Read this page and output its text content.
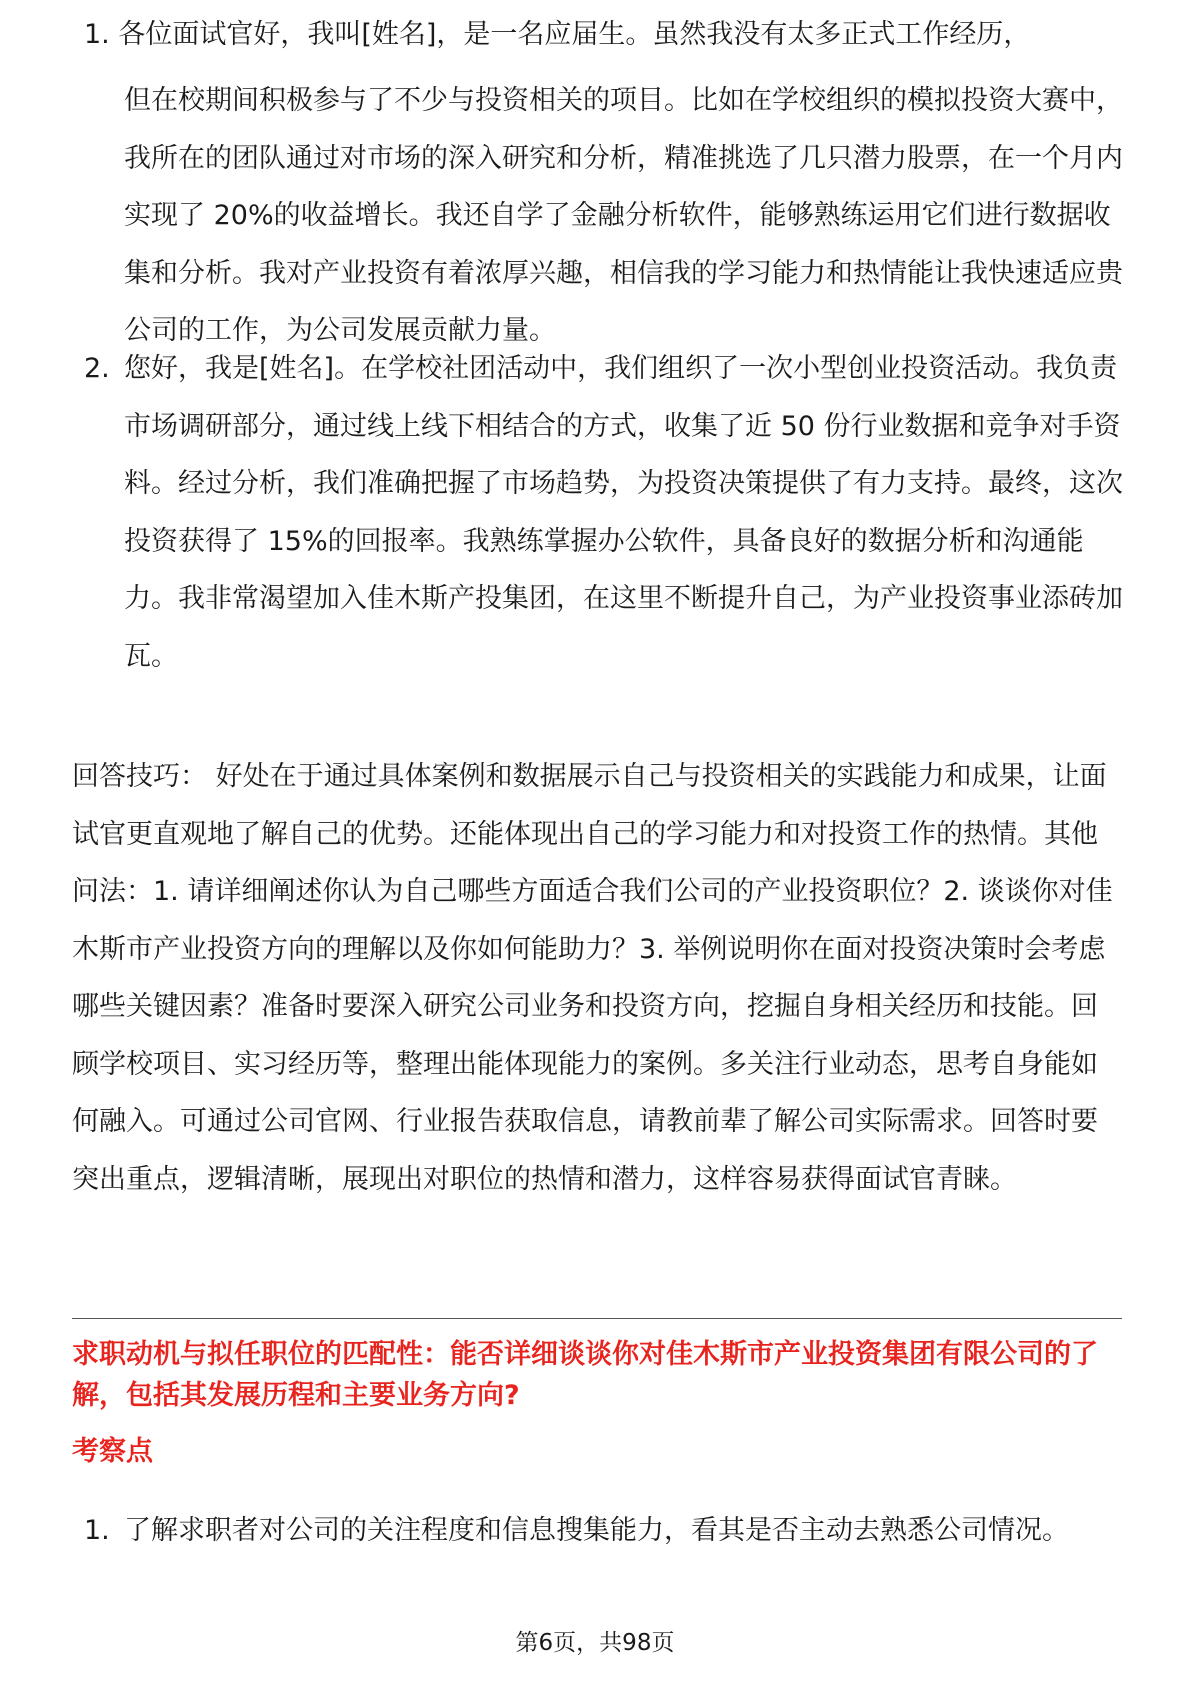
1. 各位面试官好，我叫[姓名]，是一名应届生。虽然我没有太多正式工作经历，
但在校期间积极参与了不少与投资相关的项目。比如在学校组织的模拟投资大赛中，我所在的团队通过对市场的深入研究和分析，精准挑选了几只潜力股票，在一个月内实现了 20%的收益增长。我还自学了金融分析软件，能够熟练运用它们进行数据收集和分析。我对产业投资有着浓厚兴趣，相信我的学习能力和热情能让我快速适应贵公司的工作，为公司发展贡献力量。
2. 您好，我是[姓名]。在学校社团活动中，我们组织了一次小型创业投资活动。我负责市场调研部分，通过线上线下相结合的方式，收集了近 50 份行业数据和竞争对手资料。经过分析，我们准确把握了市场趋势，为投资决策提供了有力支持。最终，这次投资获得了 15%的回报率。我熟练掌握办公软件，具备良好的数据分析和沟通能力。我非常渴望加入佳木斯产投集团，在这里不断提升自己，为产业投资事业添砖加瓦。
回答技巧： 好处在于通过具体案例和数据展示自己与投资相关的实践能力和成果，让面试官更直观地了解自己的优势。还能体现出自己的学习能力和对投资工作的热情。其他问法：1. 请详细阐述你认为自己哪些方面适合我们公司的产业投资职位？2. 谈谈你对佳木斯市产业投资方向的理解以及你如何能助力？3. 举例说明你在面对投资决策时会考虑哪些关键因素？准备时要深入研究公司业务和投资方向，挖掘自身相关经历和技能。回顾学校项目、实习经历等，整理出能体现能力的案例。多关注行业动态，思考自身能如何融入。可通过公司官网、行业报告获取信息，请教前辈了解公司实际需求。回答时要突出重点，逻辑清晰，展现出对职位的热情和潜力，这样容易获得面试官青睐。
求职动机与拟任职位的匹配性：能否详细谈谈你对佳木斯市产业投资集团有限公司的了解，包括其发展历程和主要业务方向?
考察点
1. 了解求职者对公司的关注程度和信息搜集能力，看其是否主动去熟悉公司情况。
第6页，共98页
